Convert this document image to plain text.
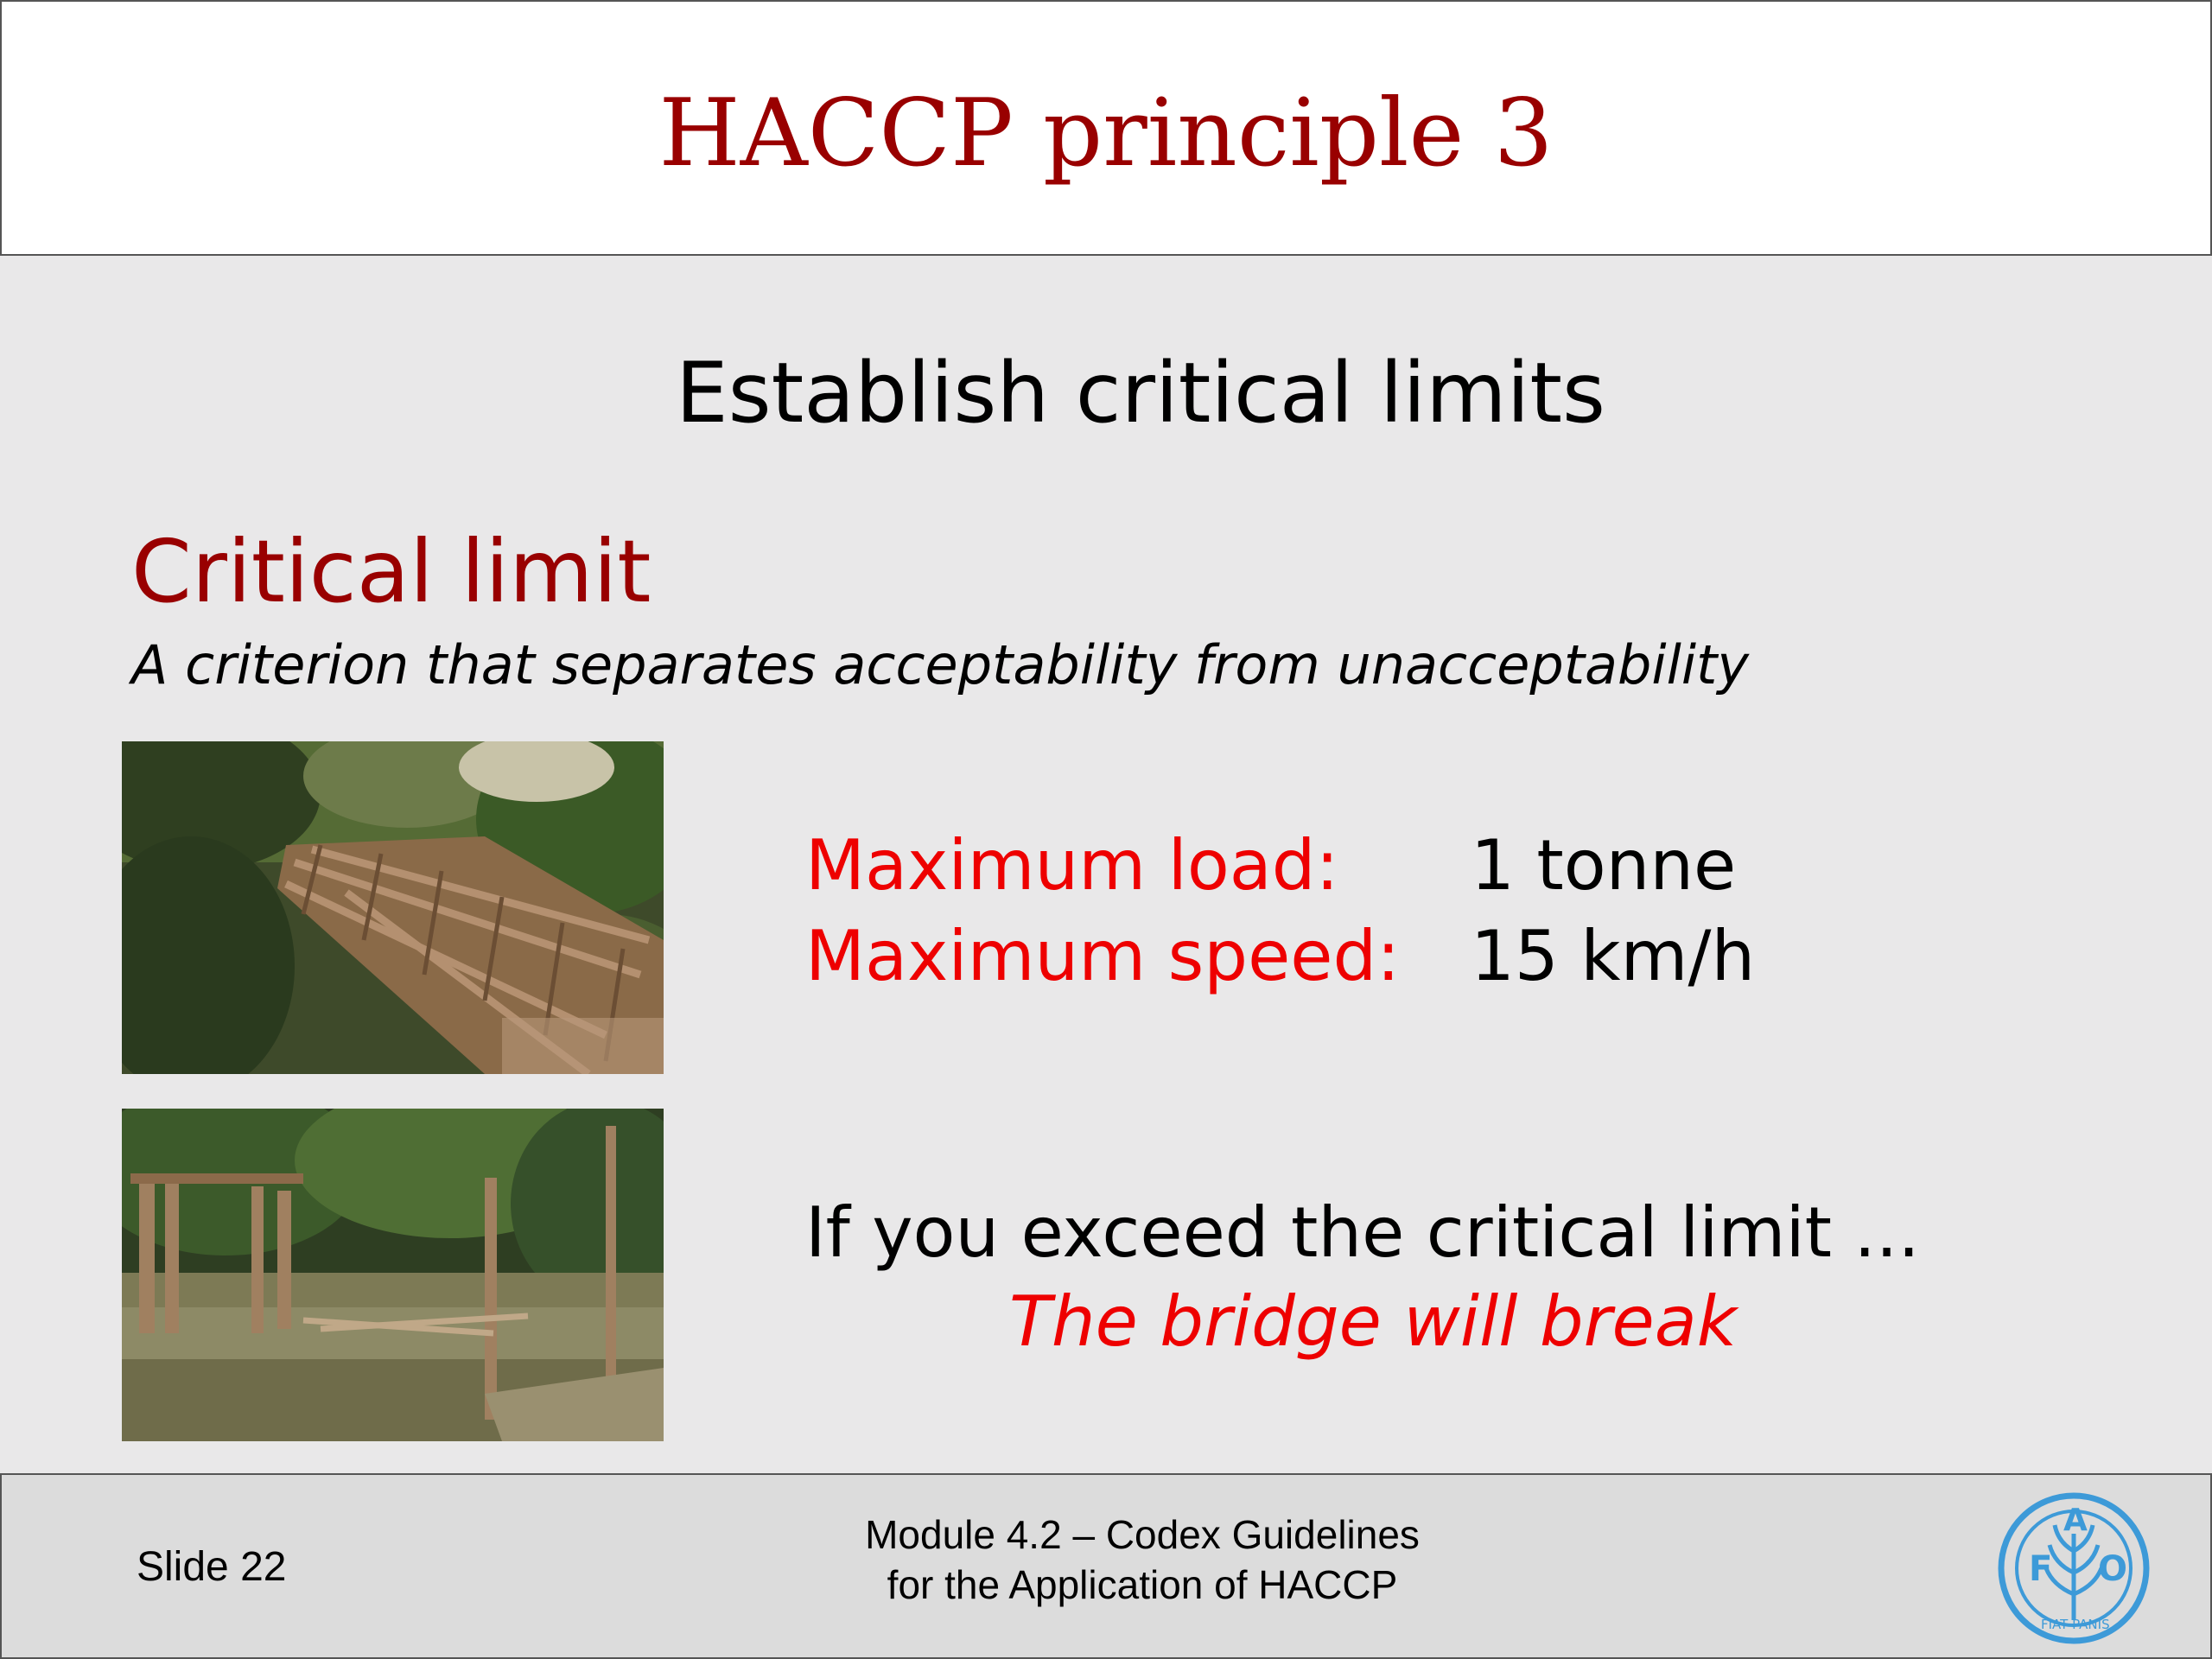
HACCP principle 3
Establish critical limits
Critical limit
A criterion that separates acceptability from unacceptability
Maximum load: 1 tonne
Maximum speed: 15 km/h
If you exceed the critical limit ...
The bridge will break
Slide 22
Module 4.2 – Codex Guidelines
for the Application of HACCP	F
A
O
FIAT PANIS
